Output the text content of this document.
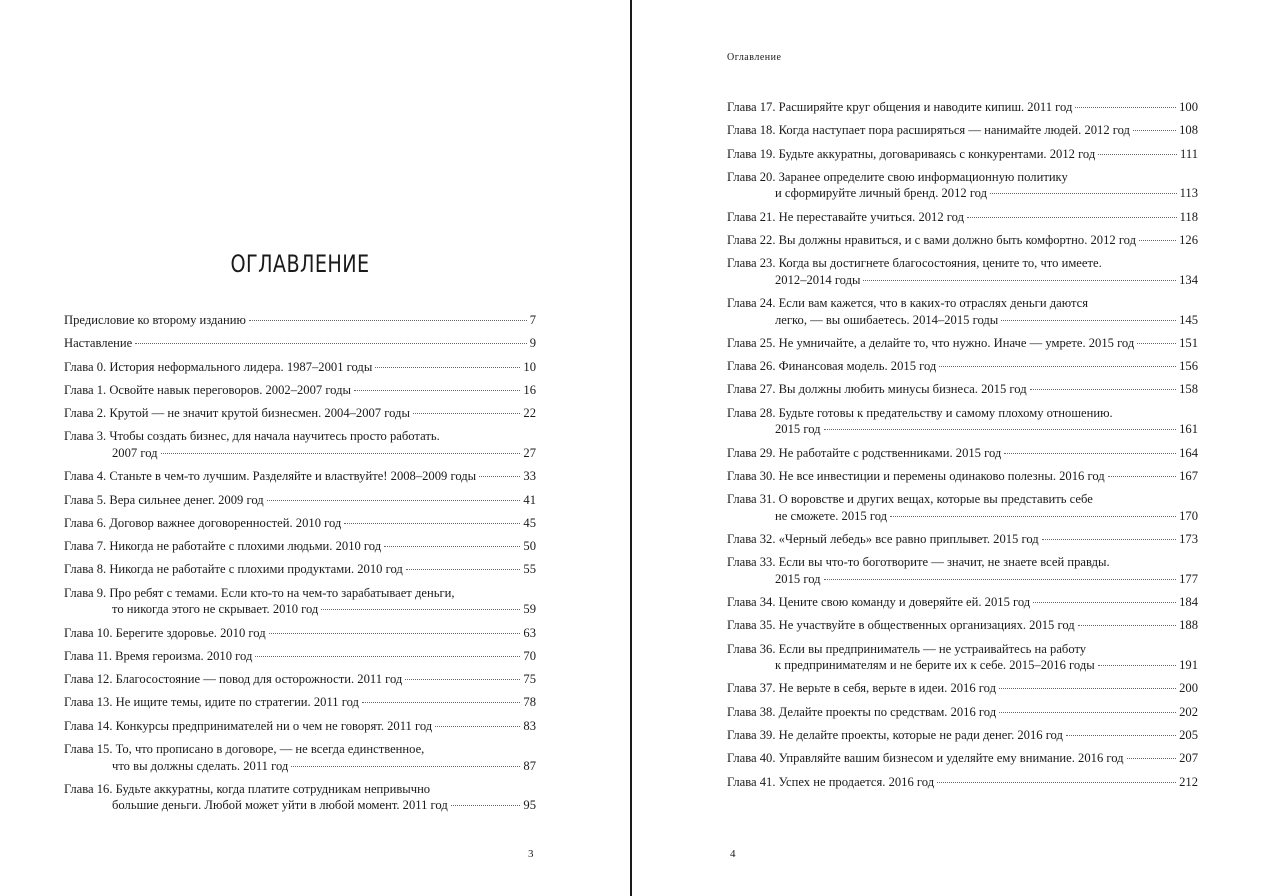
ОГЛАВЛЕНИЕ
Предисловие ко второму изданию	7
Наставление	9
Глава 0. История неформального лидера. 1987–2001 годы	10
Глава 1. Освойте навык переговоров. 2002–2007 годы	16
Глава 2. Крутой — не значит крутой бизнесмен. 2004–2007 годы	22
Глава 3. Чтобы создать бизнес, для начала научитесь просто работать.
2007 год	27
Глава 4. Станьте в чем-то лучшим. Разделяйте и властвуйте! 2008–2009 годы	33
Глава 5. Вера сильнее денег. 2009 год	41
Глава 6. Договор важнее договоренностей. 2010 год	45
Глава 7. Никогда не работайте с плохими людьми. 2010 год	50
Глава 8. Никогда не работайте с плохими продуктами. 2010 год	55
Глава 9. Про ребят с темами. Если кто-то на чем-то зарабатывает деньги,
то никогда этого не скрывает. 2010 год	59
Глава 10. Берегите здоровье. 2010 год	63
Глава 11. Время героизма. 2010 год	70
Глава 12. Благосостояние — повод для осторожности. 2011 год	75
Глава 13. Не ищите темы, идите по стратегии. 2011 год	78
Глава 14. Конкурсы предпринимателей ни о чем не говорят. 2011 год	83
Глава 15. То, что прописано в договоре, — не всегда единственное,
что вы должны сделать. 2011 год	87
Глава 16. Будьте аккуратны, когда платите сотрудникам непривычно
большие деньги. Любой может уйти в любой момент. 2011 год	95
3
Оглавление
Глава 17. Расширяйте круг общения и наводите кипиш. 2011 год	100
Глава 18. Когда наступает пора расширяться — нанимайте людей. 2012 год	108
Глава 19. Будьте аккуратны, договариваясь с конкурентами. 2012 год	111
Глава 20. Заранее определите свою информационную политику
и сформируйте личный бренд. 2012 год	113
Глава 21. Не переставайте учиться. 2012 год	118
Глава 22. Вы должны нравиться, и с вами должно быть комфортно. 2012 год	126
Глава 23. Когда вы достигнете благосостояния, цените то, что имеете.
2012–2014 годы	134
Глава 24. Если вам кажется, что в каких-то отраслях деньги даются
легко, — вы ошибаетесь. 2014–2015 годы	145
Глава 25. Не умничайте, а делайте то, что нужно. Иначе — умрете. 2015 год	151
Глава 26. Финансовая модель. 2015 год	156
Глава 27. Вы должны любить минусы бизнеса. 2015 год	158
Глава 28. Будьте готовы к предательству и самому плохому отношению.
2015 год	161
Глава 29. Не работайте с родственниками. 2015 год	164
Глава 30. Не все инвестиции и перемены одинаково полезны. 2016 год	167
Глава 31. О воровстве и других вещах, которые вы представить себе
не сможете. 2015 год	170
Глава 32. «Черный лебедь» все равно приплывет. 2015 год	173
Глава 33. Если вы что-то боготворите — значит, не знаете всей правды.
2015 год	177
Глава 34. Цените свою команду и доверяйте ей. 2015 год	184
Глава 35. Не участвуйте в общественных организациях. 2015 год	188
Глава 36. Если вы предприниматель — не устраивайтесь на работу
к предпринимателям и не берите их к себе. 2015–2016 годы	191
Глава 37. Не верьте в себя, верьте в идеи. 2016 год	200
Глава 38. Делайте проекты по средствам. 2016 год	202
Глава 39. Не делайте проекты, которые не ради денег. 2016 год	205
Глава 40. Управляйте вашим бизнесом и уделяйте ему внимание. 2016 год	207
Глава 41. Успех не продается. 2016 год	212
4
